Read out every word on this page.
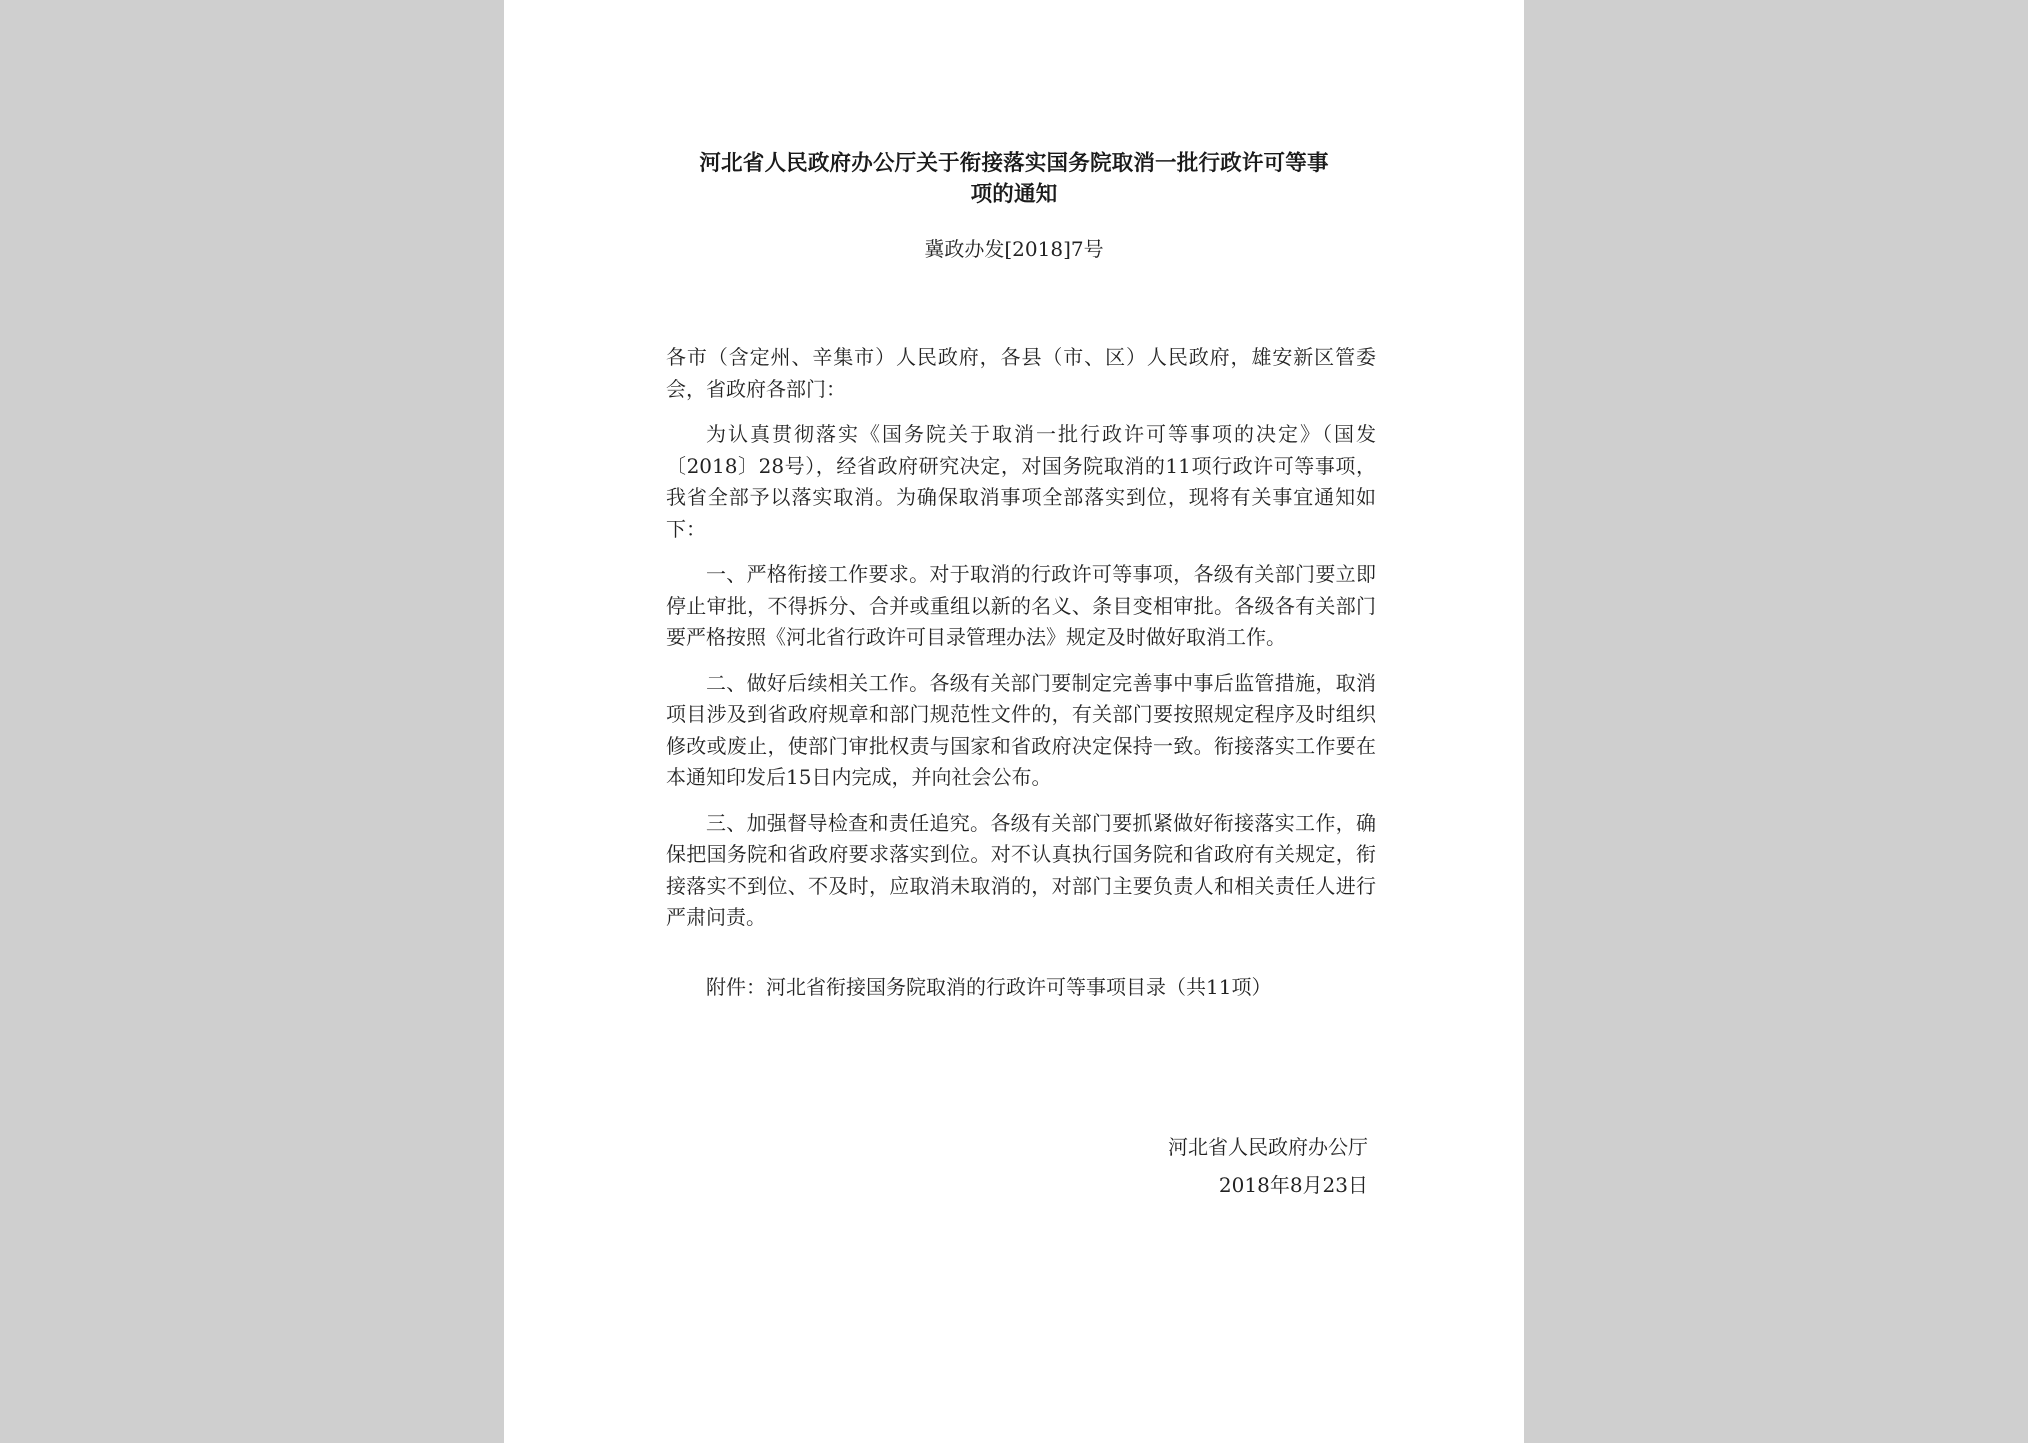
河北省人民政府办公厅关于衔接落实国务院取消一批行政许可等事
项的通知
冀政办发[2018]7号

各市（含定州、辛集市）人民政府，各县（市、区）人民政府，雄安新区管委会，省政府各部门：

为认真贯彻落实《国务院关于取消一批行政许可等事项的决定》（国发〔2018〕28号），经省政府研究决定，对国务院取消的11项行政许可等事项，我省全部予以落实取消。为确保取消事项全部落实到位，现将有关事宜通知如下：

一、严格衔接工作要求。对于取消的行政许可等事项，各级有关部门要立即停止审批，不得拆分、合并或重组以新的名义、条目变相审批。各级各有关部门要严格按照《河北省行政许可目录管理办法》规定及时做好取消工作。

二、做好后续相关工作。各级有关部门要制定完善事中事后监管措施，取消项目涉及到省政府规章和部门规范性文件的，有关部门要按照规定程序及时组织修改或废止，使部门审批权责与国家和省政府决定保持一致。衔接落实工作要在本通知印发后15日内完成，并向社会公布。

三、加强督导检查和责任追究。各级有关部门要抓紧做好衔接落实工作，确保把国务院和省政府要求落实到位。对不认真执行国务院和省政府有关规定，衔接落实不到位、不及时，应取消未取消的，对部门主要负责人和相关责任人进行严肃问责。

附件：河北省衔接国务院取消的行政许可等事项目录（共11项）

河北省人民政府办公厅
2018年8月23日
